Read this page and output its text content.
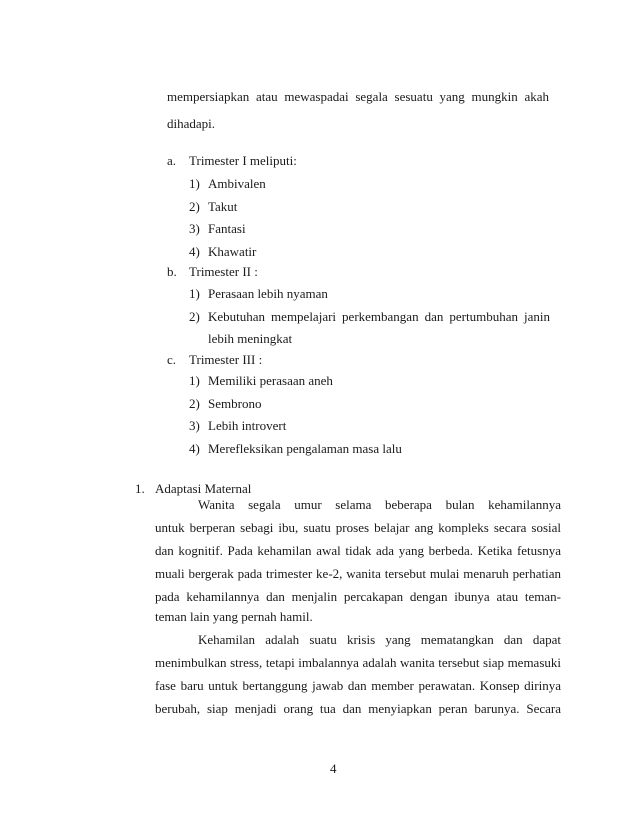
mempersiapkan atau mewaspadai segala sesuatu yang mungkin akah
dihadapi.
a. Trimester I meliputi:
1) Ambivalen
2) Takut
3) Fantasi
4) Khawatir
b. Trimester II :
1) Perasaan lebih nyaman
2) Kebutuhan mempelajari perkembangan dan pertumbuhan janin
lebih meningkat
c. Trimester III :
1) Memiliki perasaan aneh
2) Sembrono
3) Lebih introvert
4) Merefleksikan pengalaman masa lalu
1. Adaptasi Maternal
Wanita segala umur selama beberapa bulan kehamilannya
untuk berperan sebagi ibu, suatu proses belajar ang kompleks secara sosial
dan kognitif. Pada kehamilan awal tidak ada yang berbeda. Ketika fetusnya
muali bergerak pada trimester ke-2, wanita tersebut mulai menaruh perhatian
pada kehamilannya dan menjalin percakapan dengan ibunya atau teman-
teman lain yang pernah hamil.
Kehamilan adalah suatu krisis yang mematangkan dan dapat
menimbulkan stress, tetapi imbalannya adalah wanita tersebut siap memasuki
fase baru untuk bertanggung jawab dan member perawatan. Konsep dirinya
berubah, siap menjadi orang tua dan menyiapkan peran barunya. Secara
4
